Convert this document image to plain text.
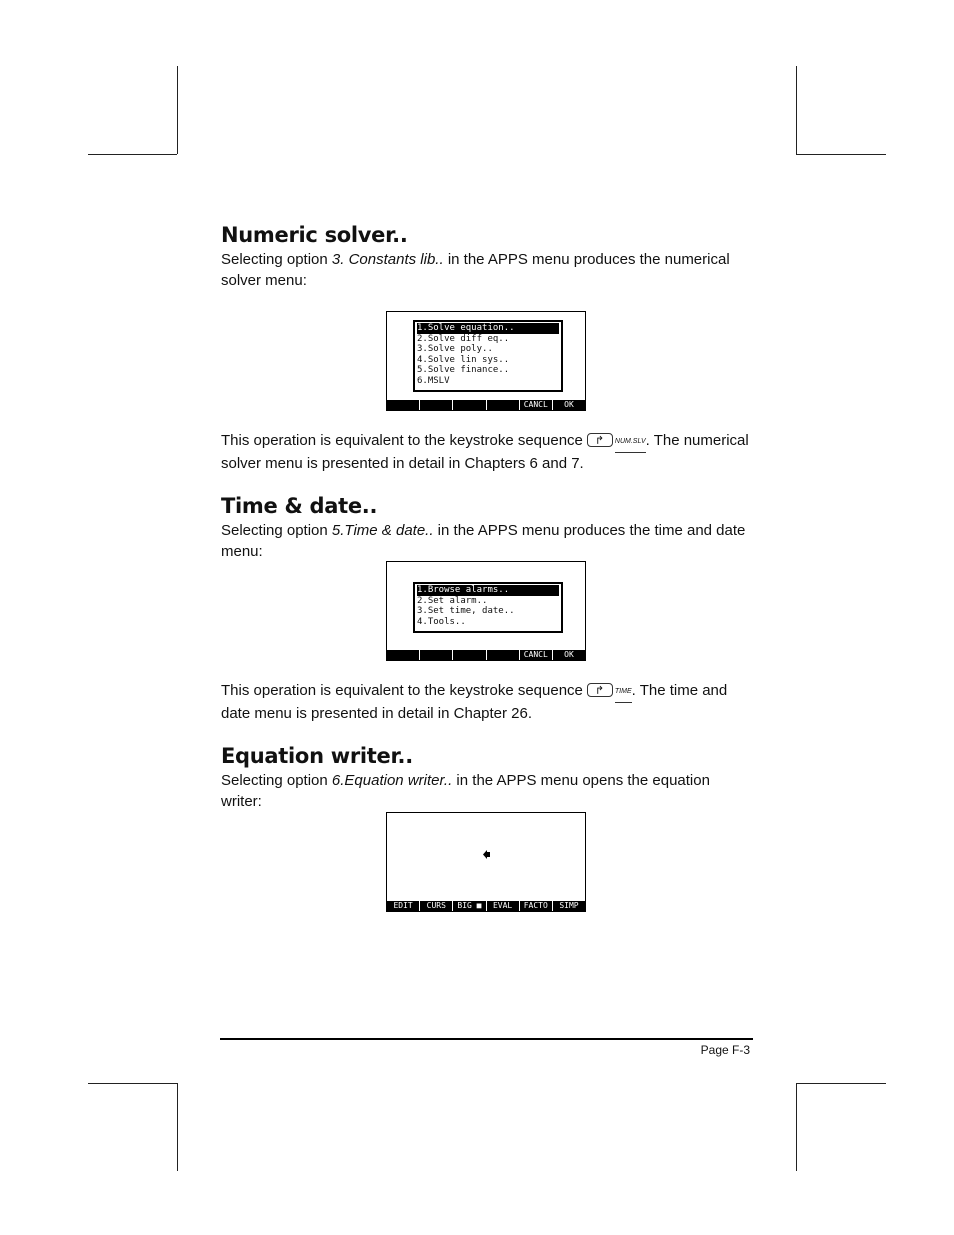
Numeric solver..

Selecting option 3. Constants lib.. in the APPS menu produces the numerical solver menu:

1.Solve equation..
2.Solve diff eq..
3.Solve poly..
4.Solve lin sys..
5.Solve finance..
6.MSLV
CANCL	OK

This operation is equivalent to the keystroke sequence ↱	NUM.SLV. The numerical solver menu is presented in detail in Chapters 6 and 7.

Time & date..

Selecting option 5.Time & date.. in the APPS menu produces the time and date menu:

1.Browse alarms..
2.Set alarm..
3.Set time, date..
4.Tools..
CANCL	OK

This operation is equivalent to the keystroke sequence ↱	TIME. The time and date menu is presented in detail in Chapter 26.

Equation writer..

Selecting option 6.Equation writer.. in the APPS menu opens the equation writer:

EDIT	CURS	BIG ■	EVAL	FACTO	SIMP
Page F-3
